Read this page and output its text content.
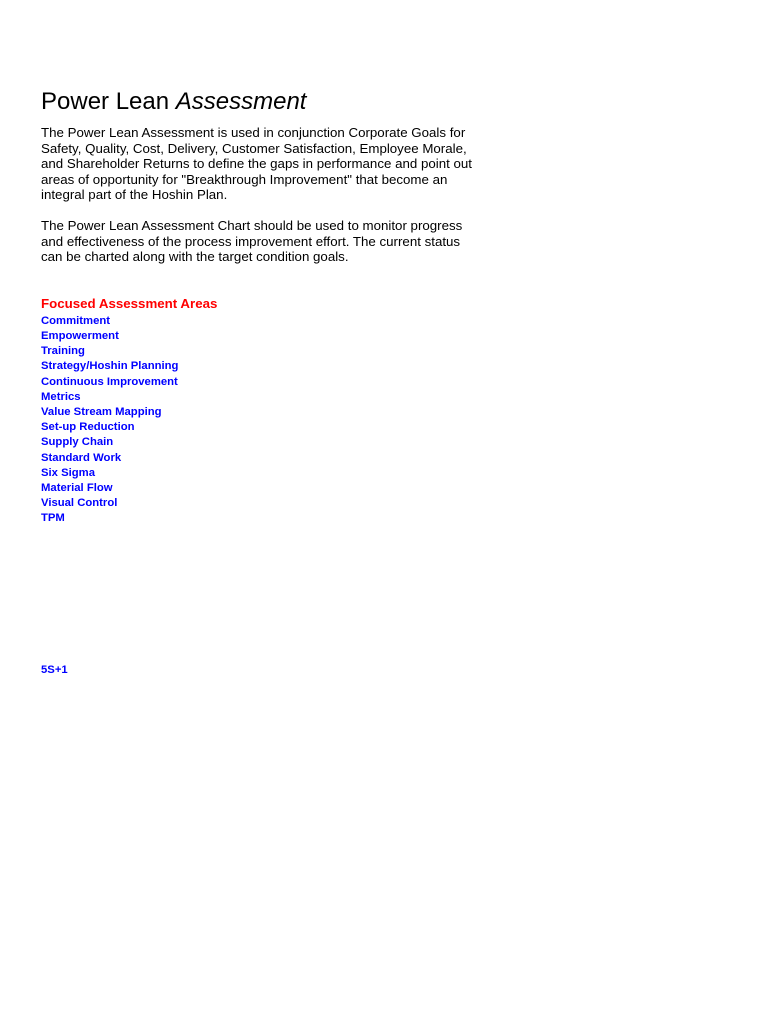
Power Lean Assessment

The Power Lean Assessment is used in conjunction Corporate Goals for
Safety, Quality, Cost, Delivery, Customer Satisfaction, Employee Morale,
and Shareholder Returns to define the gaps in performance and point out
areas of opportunity for "Breakthrough Improvement" that become an
integral part of the Hoshin Plan.

The Power Lean Assessment Chart should be used to monitor progress
and effectiveness of the process improvement effort. The current status
can be charted along with the target condition goals.

Focused Assessment Areas
Commitment
Empowerment
Training
Strategy/Hoshin Planning
Continuous Improvement
Metrics
Value Stream Mapping
Set-up Reduction
Supply Chain
Standard Work
Six Sigma
Material Flow
Visual Control
TPM
5S+1
